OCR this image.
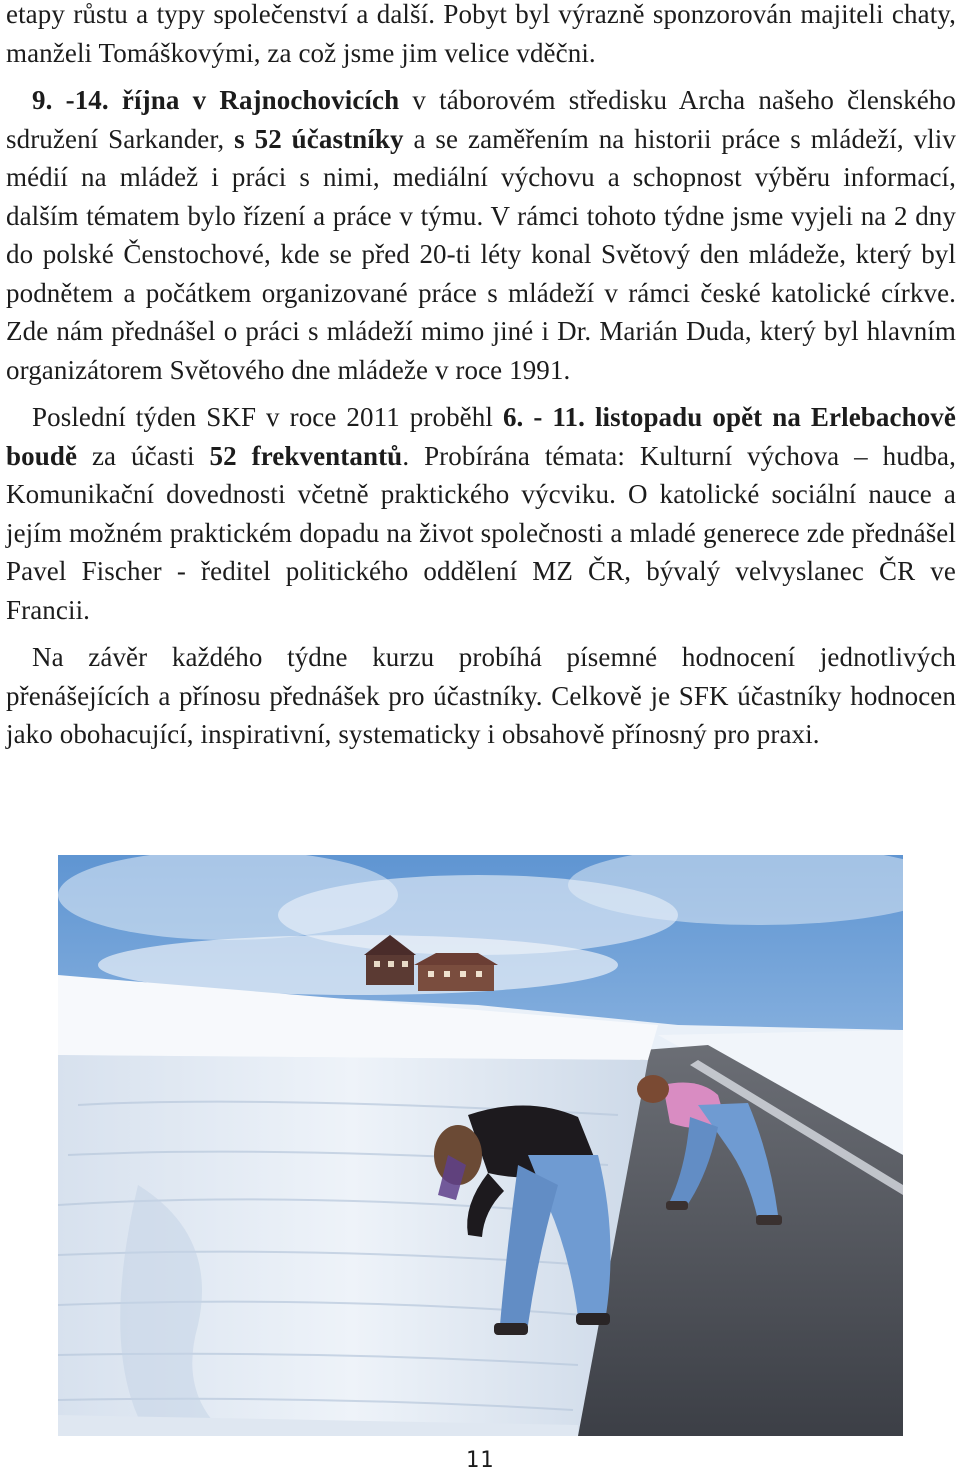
etapy růstu a typy společenství a další. Pobyt byl výrazně sponzorován majiteli chaty, manželi Tomáškovými, za což jsme jim velice vděčni.

9. -14. října v Rajnochovicích v táborovém středisku Archa našeho členského sdružení Sarkander, s 52 účastníky a se zaměřením na historii práce s mládeží, vliv médií na mládež i práci s nimi, mediální výchovu a schopnost výběru informací, dalším tématem bylo řízení a práce v týmu. V rámci tohoto týdne jsme vyjeli na 2 dny do polské Čenstochové, kde se před 20-ti léty konal Světový den mládeže, který byl podnětem a počátkem organizované práce s mládeží v rámci české katolické církve. Zde nám přednášel o práci s mládeží mimo jiné i Dr. Marián Duda, který byl hlavním organizátorem Světového dne mládeže v roce 1991.

Poslední týden SKF v roce 2011 proběhl 6. - 11. listopadu opět na Erlebachově boudě za účasti 52 frekventantů. Probírána témata: Kulturní výchova – hudba, Komunikační dovednosti včetně praktického výcviku. O katolické sociální nauce a jejím možném praktickém dopadu na život společnosti a mladé generece zde přednášel Pavel Fischer - ředitel politického oddělení MZ ČR, bývalý velvyslanec ČR ve Francii.

Na závěr každého týdne kurzu probíhá písemné hodnocení jednotlivých přenášejících a přínosu přednášek pro účastníky. Celkově je SFK účastníky hodnocen jako obohacující, inspirativní, systematicky i obsahově přínosný pro praxi.

11
